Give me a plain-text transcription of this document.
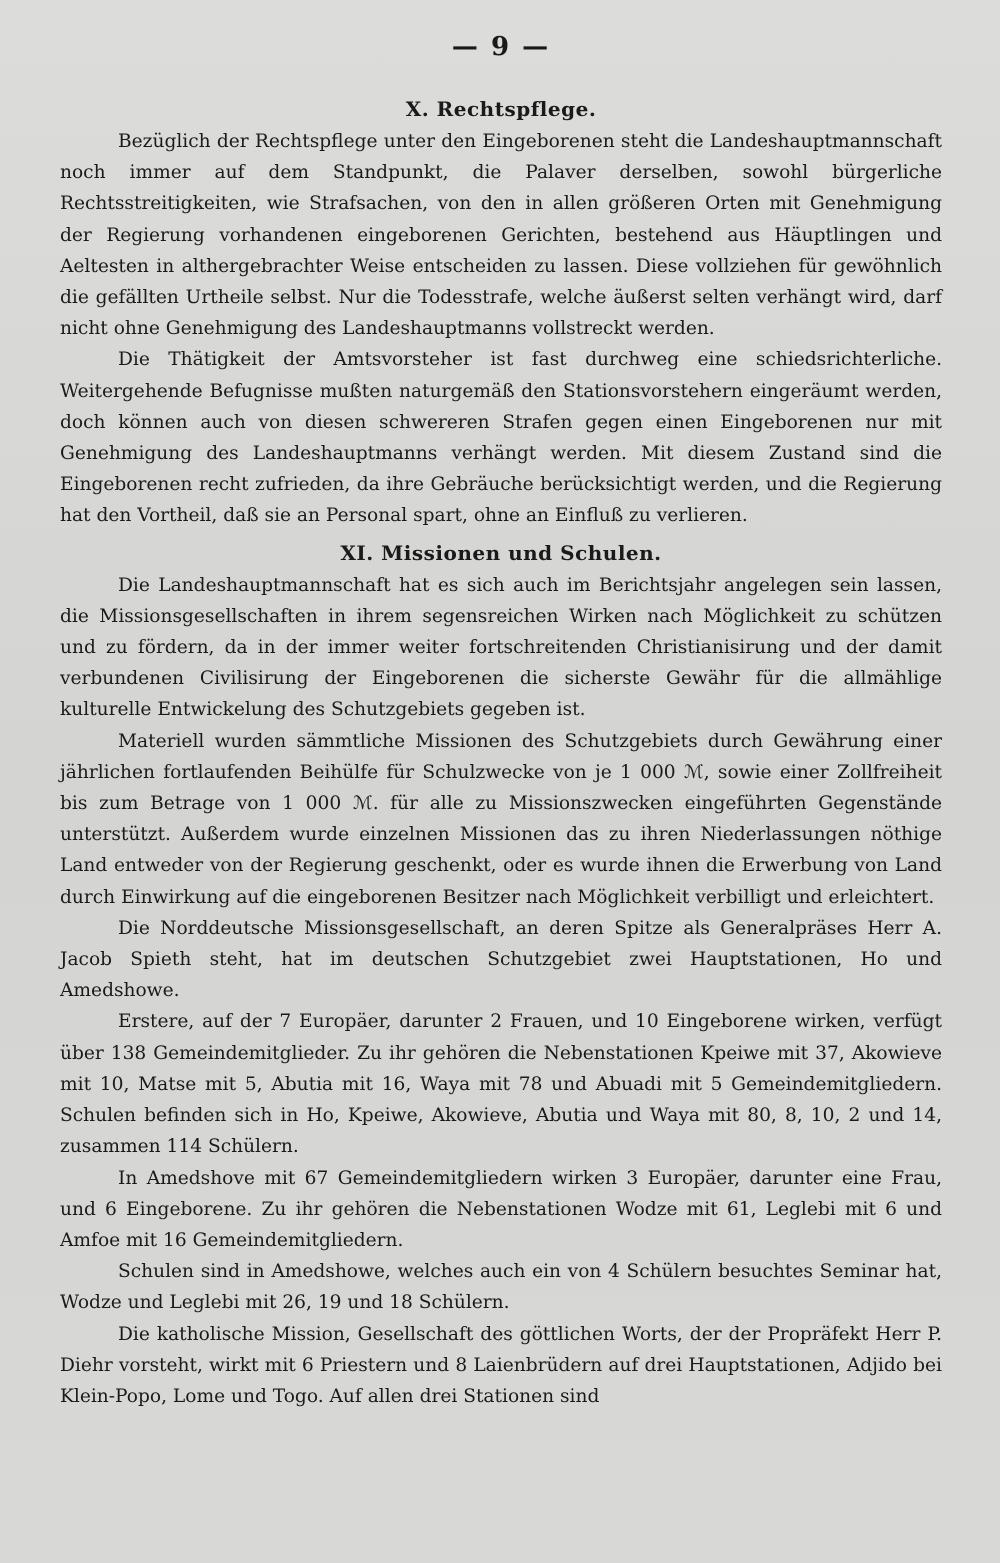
— 9 —
X. Rechtspflege.

Bezüglich der Rechtspflege unter den Eingeborenen steht die Landeshauptmannschaft noch immer auf dem Standpunkt, die Palaver derselben, sowohl bürgerliche Rechtsstreitigkeiten, wie Strafsachen, von den in allen größeren Orten mit Genehmigung der Regierung vorhandenen eingeborenen Gerichten, bestehend aus Häuptlingen und Aeltesten in althergebrachter Weise entscheiden zu lassen. Diese vollziehen für gewöhnlich die gefällten Urtheile selbst. Nur die Todesstrafe, welche äußerst selten verhängt wird, darf nicht ohne Genehmigung des Landeshauptmanns vollstreckt werden.

Die Thätigkeit der Amtsvorsteher ist fast durchweg eine schiedsrichterliche. Weitergehende Befugnisse mußten naturgemäß den Stationsvorstehern eingeräumt werden, doch können auch von diesen schwereren Strafen gegen einen Eingeborenen nur mit Genehmigung des Landeshauptmanns verhängt werden. Mit diesem Zustand sind die Eingeborenen recht zufrieden, da ihre Gebräuche berücksichtigt werden, und die Regierung hat den Vortheil, daß sie an Personal spart, ohne an Einfluß zu verlieren.

XI. Missionen und Schulen.

Die Landeshauptmannschaft hat es sich auch im Berichtsjahr angelegen sein lassen, die Missionsgesellschaften in ihrem segensreichen Wirken nach Möglichkeit zu schützen und zu fördern, da in der immer weiter fortschreitenden Christianisirung und der damit verbundenen Civilisirung der Eingeborenen die sicherste Gewähr für die allmählige kulturelle Entwickelung des Schutzgebiets gegeben ist.

Materiell wurden sämmtliche Missionen des Schutzgebiets durch Gewährung einer jährlichen fortlaufenden Beihülfe für Schulzwecke von je 1 000 ℳ, sowie einer Zollfreiheit bis zum Betrage von 1 000 ℳ. für alle zu Missionszwecken eingeführten Gegenstände unterstützt. Außerdem wurde einzelnen Missionen das zu ihren Niederlassungen nöthige Land entweder von der Regierung geschenkt, oder es wurde ihnen die Erwerbung von Land durch Einwirkung auf die eingeborenen Besitzer nach Möglichkeit verbilligt und erleichtert.

Die Norddeutsche Missionsgesellschaft, an deren Spitze als Generalpräses Herr A. Jacob Spieth steht, hat im deutschen Schutzgebiet zwei Hauptstationen, Ho und Amedshowe.

Erstere, auf der 7 Europäer, darunter 2 Frauen, und 10 Eingeborene wirken, verfügt über 138 Gemeindemitglieder. Zu ihr gehören die Nebenstationen Kpeiwe mit 37, Akowieve mit 10, Matse mit 5, Abutia mit 16, Waya mit 78 und Abuadi mit 5 Gemeindemitgliedern. Schulen befinden sich in Ho, Kpeiwe, Akowieve, Abutia und Waya mit 80, 8, 10, 2 und 14, zusammen 114 Schülern.

In Amedshove mit 67 Gemeindemitgliedern wirken 3 Europäer, darunter eine Frau, und 6 Eingeborene. Zu ihr gehören die Nebenstationen Wodze mit 61, Leglebi mit 6 und Amfoe mit 16 Gemeindemitgliedern.

Schulen sind in Amedshowe, welches auch ein von 4 Schülern besuchtes Seminar hat, Wodze und Leglebi mit 26, 19 und 18 Schülern.

Die katholische Mission, Gesellschaft des göttlichen Worts, der der Propräfekt Herr P. Diehr vorsteht, wirkt mit 6 Priestern und 8 Laienbrüdern auf drei Hauptstationen, Adjido bei Klein-Popo, Lome und Togo. Auf allen drei Stationen sind
